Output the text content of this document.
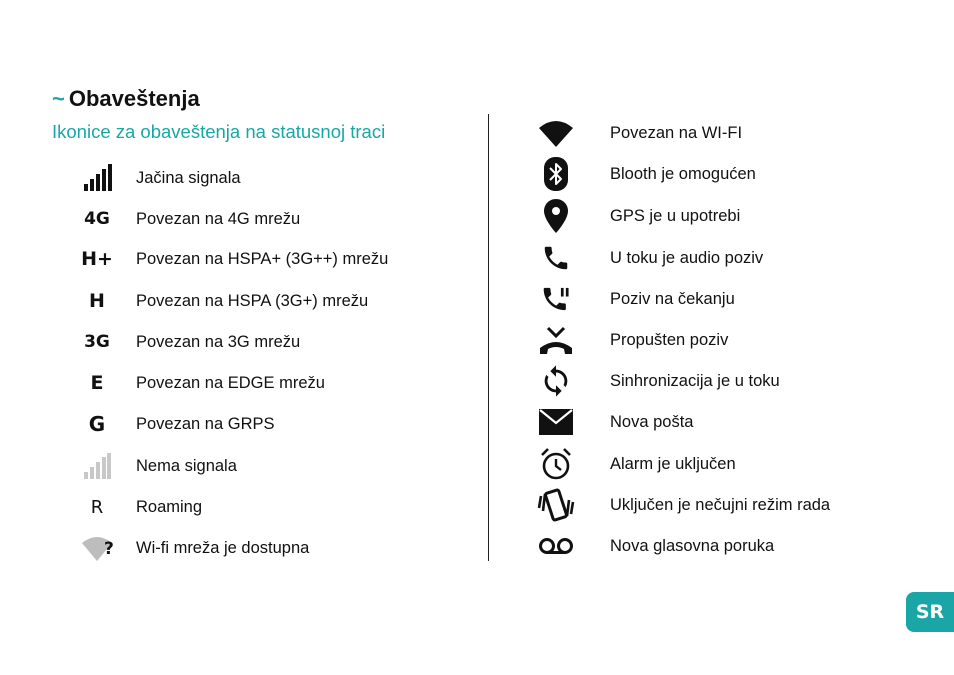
~ Obaveštenja

Ikonice za obaveštenja na statusnoj traci

Jačina signala
4G Povezan na 4G mrežu
H+ Povezan na HSPA+ (3G++) mrežu
H Povezan na HSPA (3G+) mrežu
3G Povezan na 3G mrežu
E Povezan na EDGE mrežu
G Povezan na GRPS
Nema signala
R Roaming
? Wi-fi mreža je dostupna
Povezan na WI-FI
Blooth je omogućen
GPS je u upotrebi
U toku je audio poziv
Poziv na čekanju
Propušten poziv
Sinhronizacija je u toku
Nova pošta
Alarm je uključen
Uključen je nečujni režim rada
Nova glasovna poruka
SR
